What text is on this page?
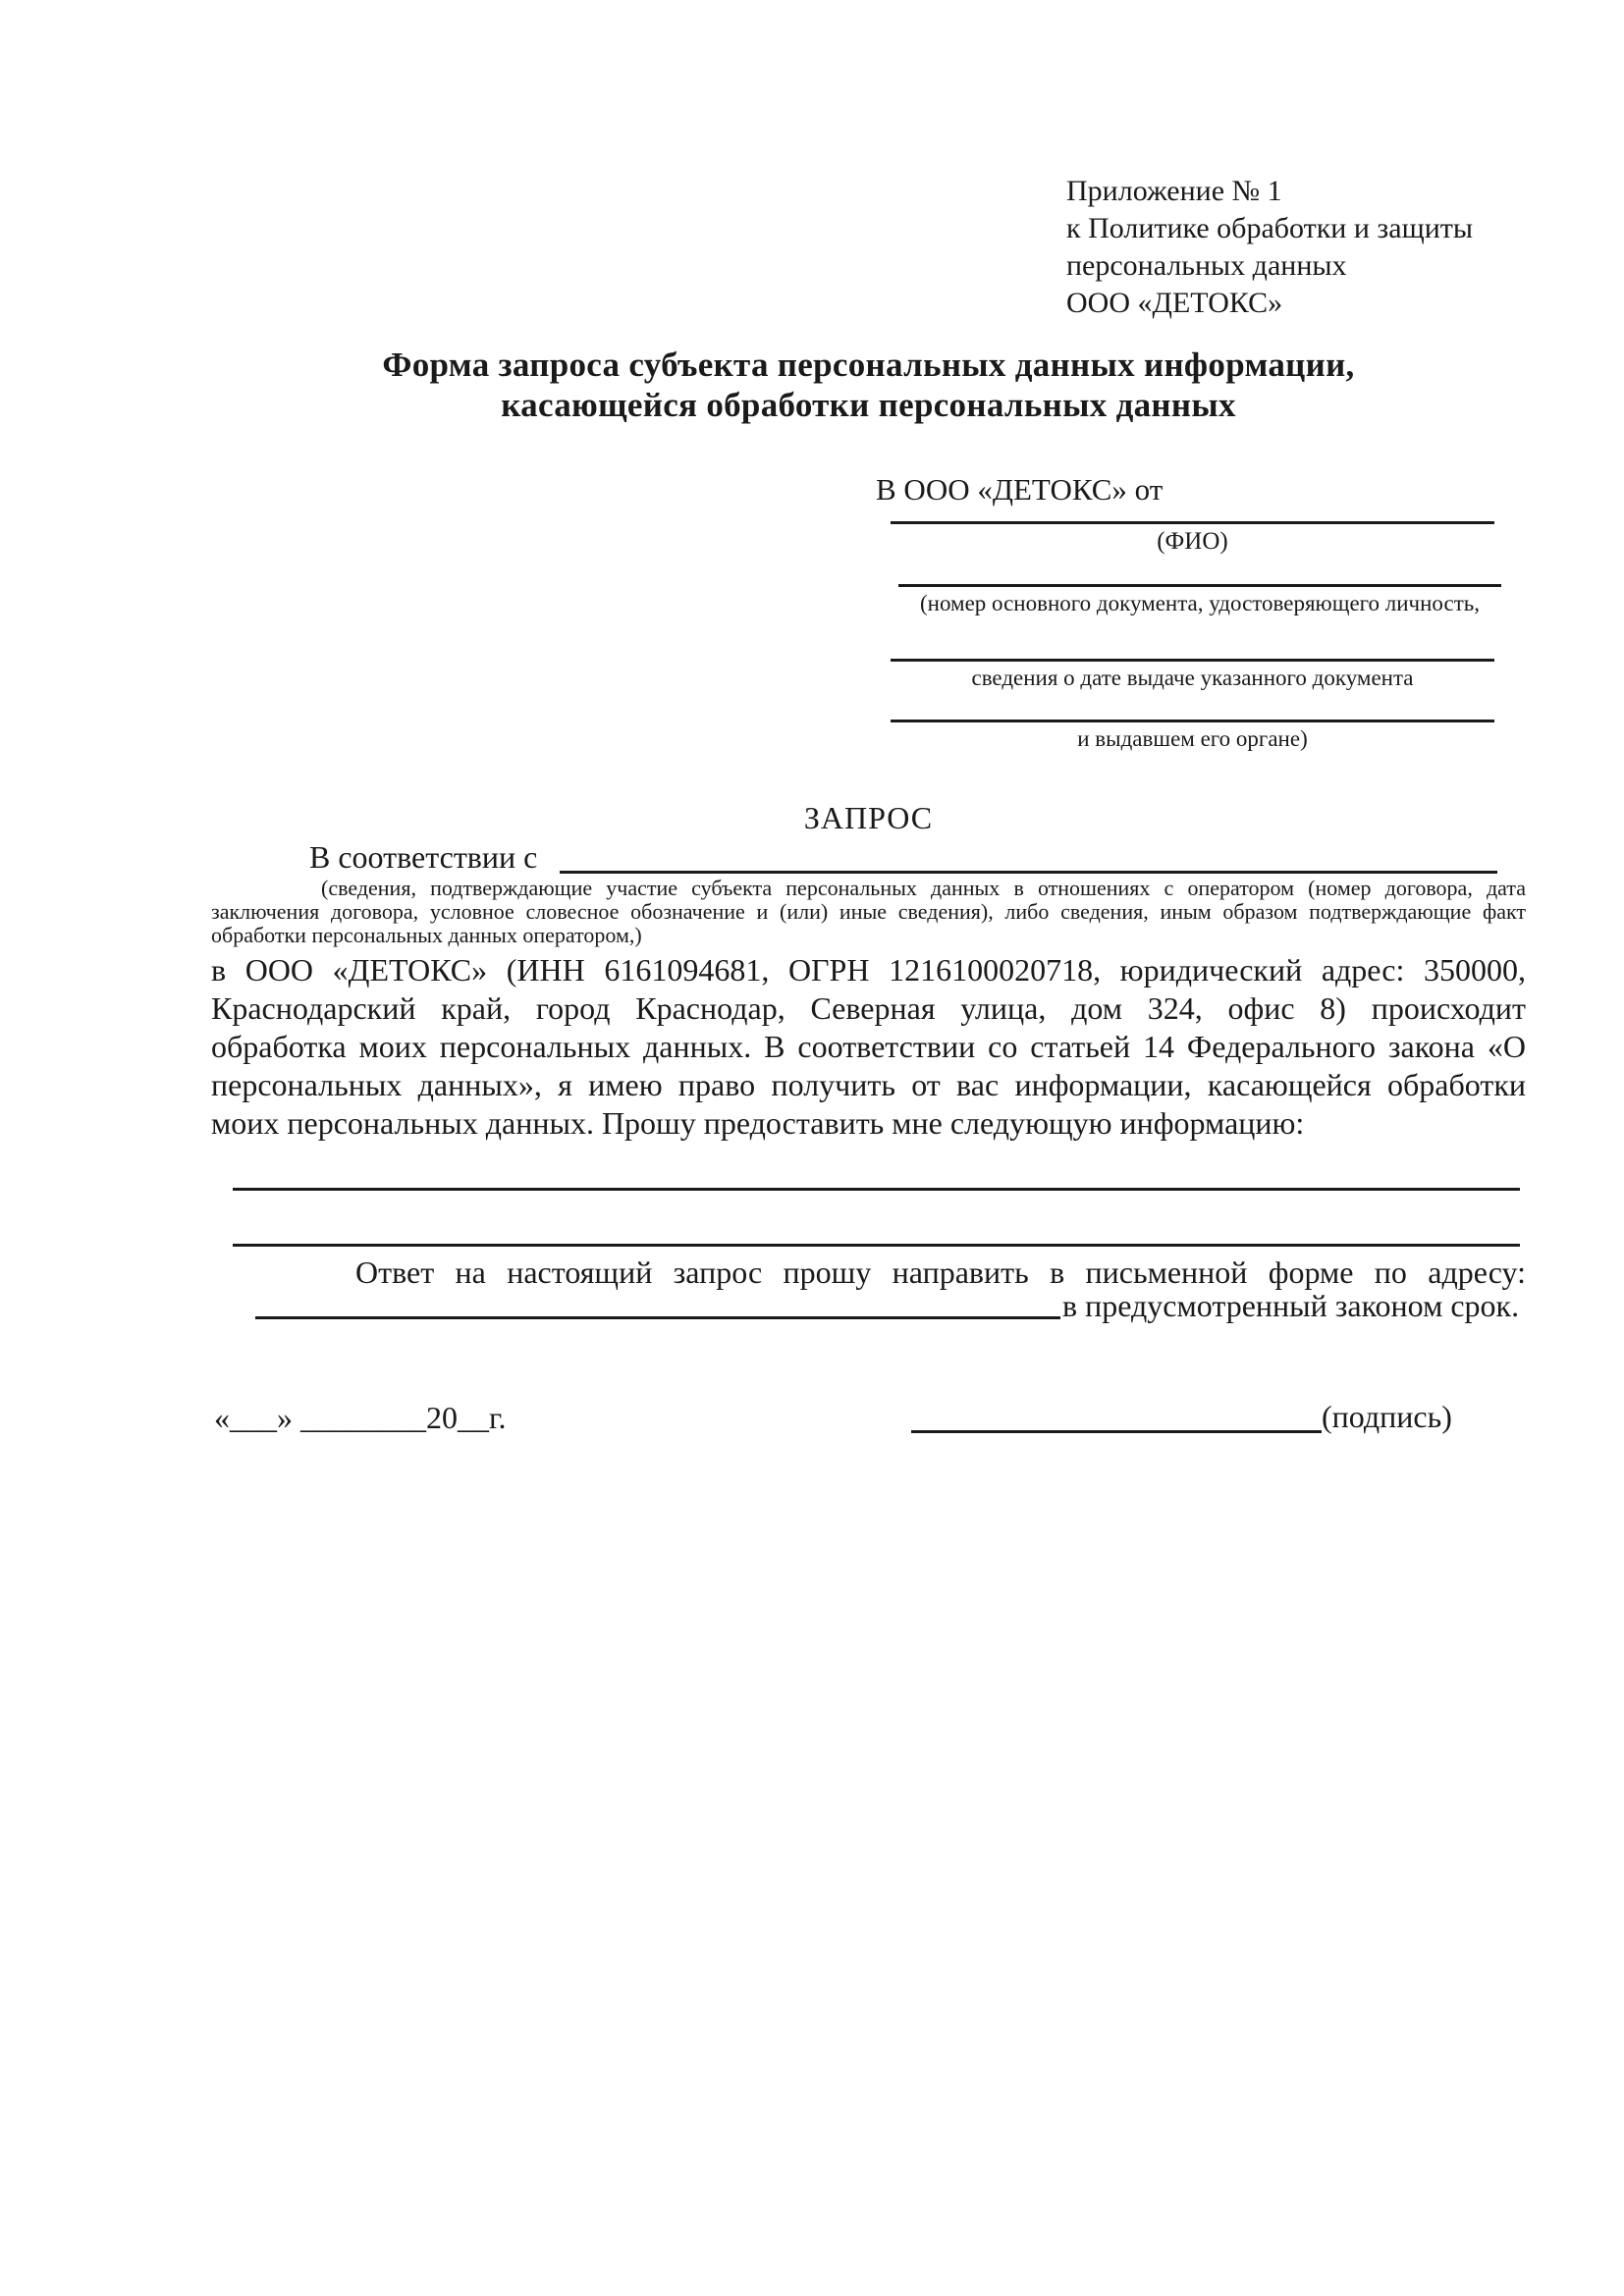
Приложение № 1
к Политике обработки и защиты
персональных данных
ООО «ДЕТОКС»
Форма запроса субъекта персональных данных информации,
касающейся обработки персональных данных
В ООО «ДЕТОКС» от
(ФИО)
(номер основного документа, удостоверяющего личность,
сведения о дате выдаче указанного документа
и выдавшем его органе)
ЗАПРОС
В соответствии с
(сведения, подтверждающие участие субъекта персональных данных в отношениях с оператором (номер договора, дата
заключения договора, условное словесное обозначение и (или) иные сведения), либо сведения, иным образом подтверждающие факт
обработки персональных данных оператором,)
в ООО «ДЕТОКС» (ИНН 6161094681, ОГРН 1216100020718, юридический адрес: 350000,
Краснодарский край, город Краснодар, Северная улица, дом 324, офис 8) происходит
обработка моих персональных данных. В соответствии со статьей 14 Федерального закона «О
персональных данных», я имею право получить от вас информации, касающейся обработки
моих персональных данных. Прошу предоставить мне следующую информацию:
Ответ на настоящий запрос прошу направить в письменной форме по адресу:
в предусмотренный законом срок.
«___» ________20__г.	(подпись)
